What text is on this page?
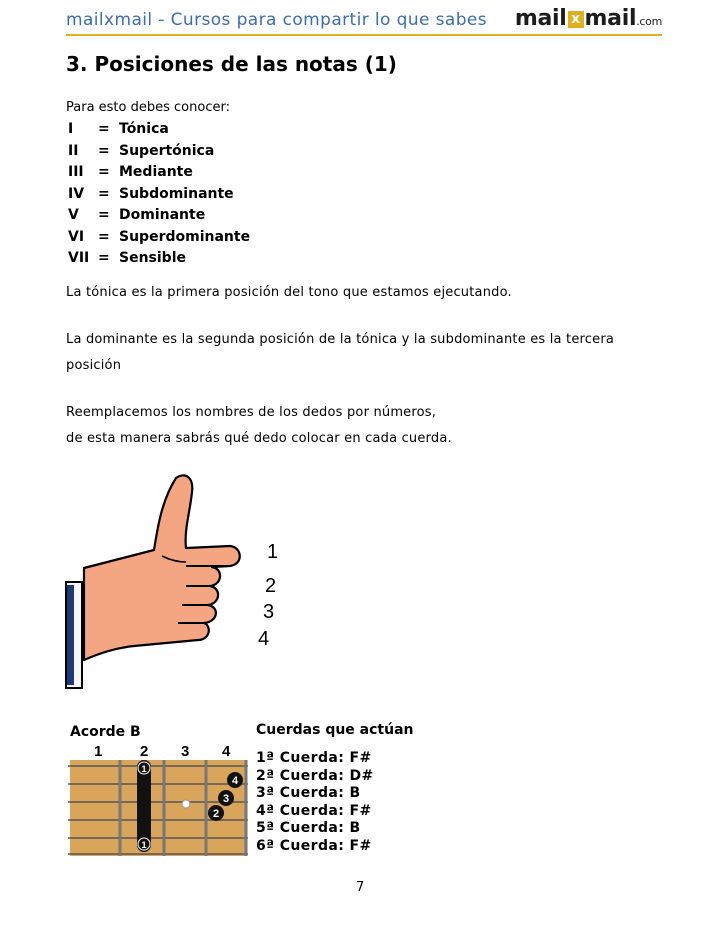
mailxmail - Cursos para compartir lo que sabes mail x mail.com
3. Posiciones de las notas (1)
Para esto debes conocer:
I = Tónica
II = Supertónica
III = Mediante
IV = Subdominante
V = Dominante
VI = Superdominante
VII = Sensible
La tónica es la primera posición del tono que estamos ejecutando.
La dominante es la segunda posición de la tónica y la subdominante es la tercera
posición
Reemplacemos los nombres de los dedos por números,
de esta manera sabrás qué dedo colocar en cada cuerda.
1
2
3
4
Acorde B
1	2 3 4
1
1
4
3
2
Cuerdas que actúan
1ª Cuerda: F#
2ª Cuerda: D#
3ª Cuerda: B
4ª Cuerda: F#
5ª Cuerda: B
6ª Cuerda: F#
7
